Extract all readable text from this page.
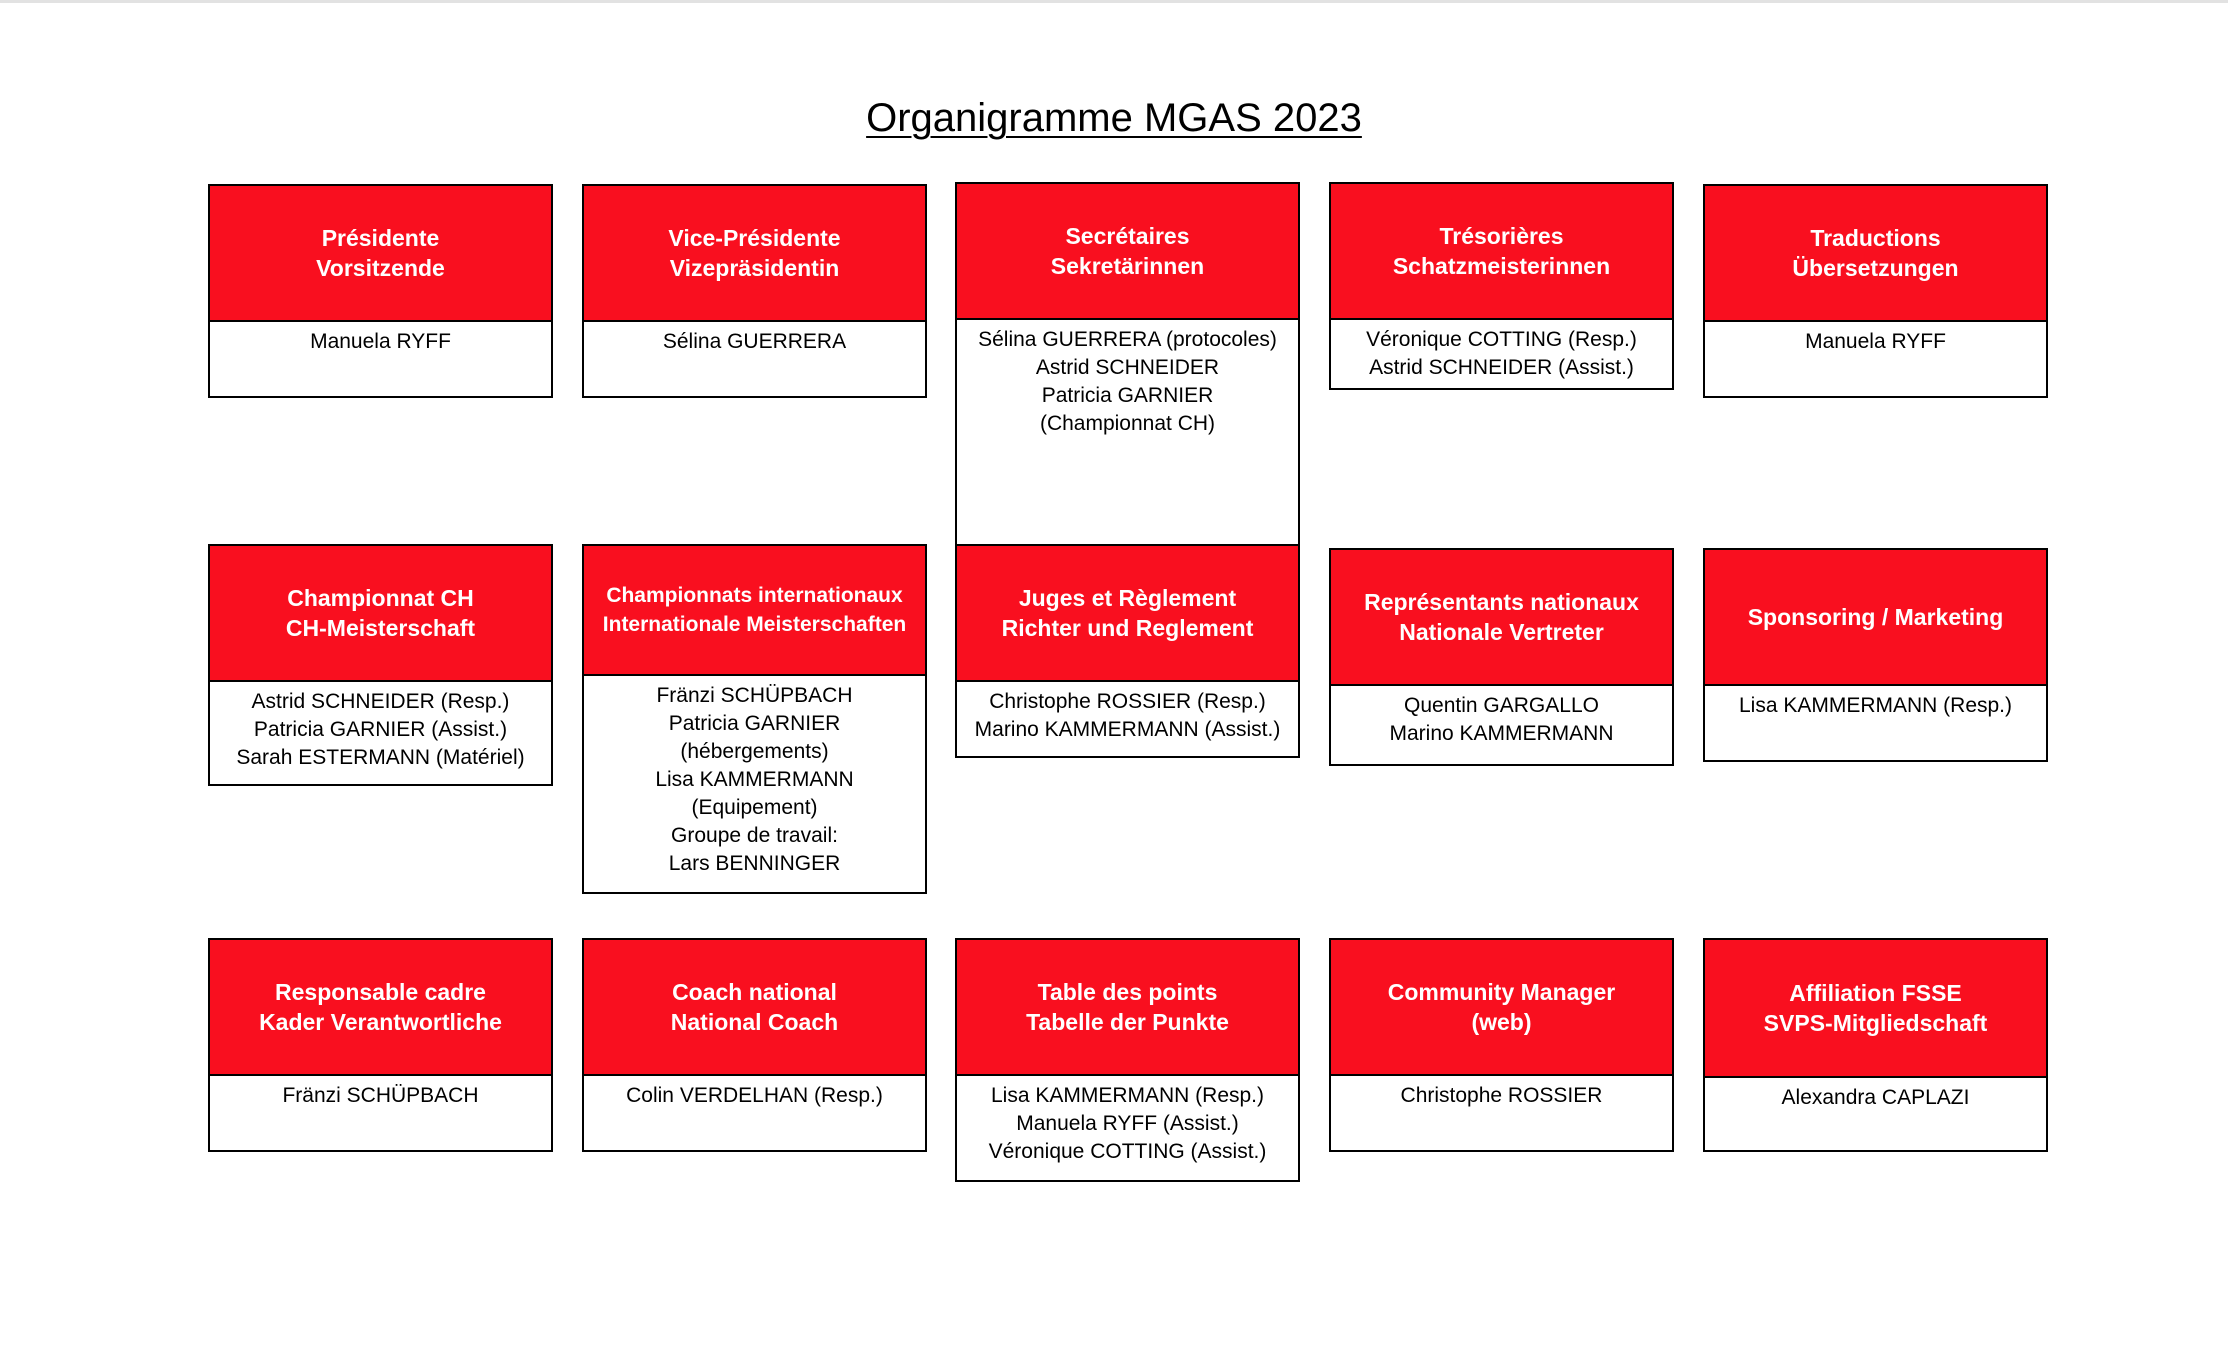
Organigramme MGAS 2023
Présidente
Vorsitzende
Manuela RYFF
Vice-Présidente
Vizepräsidentin
Sélina GUERRERA
Secrétaires
Sekretärinnen
Sélina GUERRERA (protocoles)
Astrid SCHNEIDER
Patricia GARNIER
(Championnat CH)
Trésorières
Schatzmeisterinnen
Véronique COTTING (Resp.)
Astrid SCHNEIDER (Assist.)
Traductions
Übersetzungen
Manuela RYFF
Championnat CH
CH-Meisterschaft
Astrid SCHNEIDER (Resp.)
Patricia GARNIER (Assist.)
Sarah ESTERMANN (Matériel)
Championnats internationaux
Internationale Meisterschaften
Fränzi SCHÜPBACH
Patricia GARNIER
(hébergements)
Lisa KAMMERMANN
(Equipement)
Groupe de travail:
Lars BENNINGER
Juges et Règlement
Richter und Reglement
Christophe ROSSIER (Resp.)
Marino KAMMERMANN (Assist.)
Représentants nationaux
Nationale Vertreter
Quentin GARGALLO
Marino KAMMERMANN
Sponsoring / Marketing
Lisa KAMMERMANN (Resp.)
Responsable cadre
Kader Verantwortliche
Fränzi SCHÜPBACH
Coach national
National Coach
Colin VERDELHAN (Resp.)
Table des points
Tabelle der Punkte
Lisa KAMMERMANN (Resp.)
Manuela RYFF (Assist.)
Véronique COTTING (Assist.)
Community Manager
(web)
Christophe ROSSIER
Affiliation FSSE
SVPS-Mitgliedschaft
Alexandra CAPLAZI
